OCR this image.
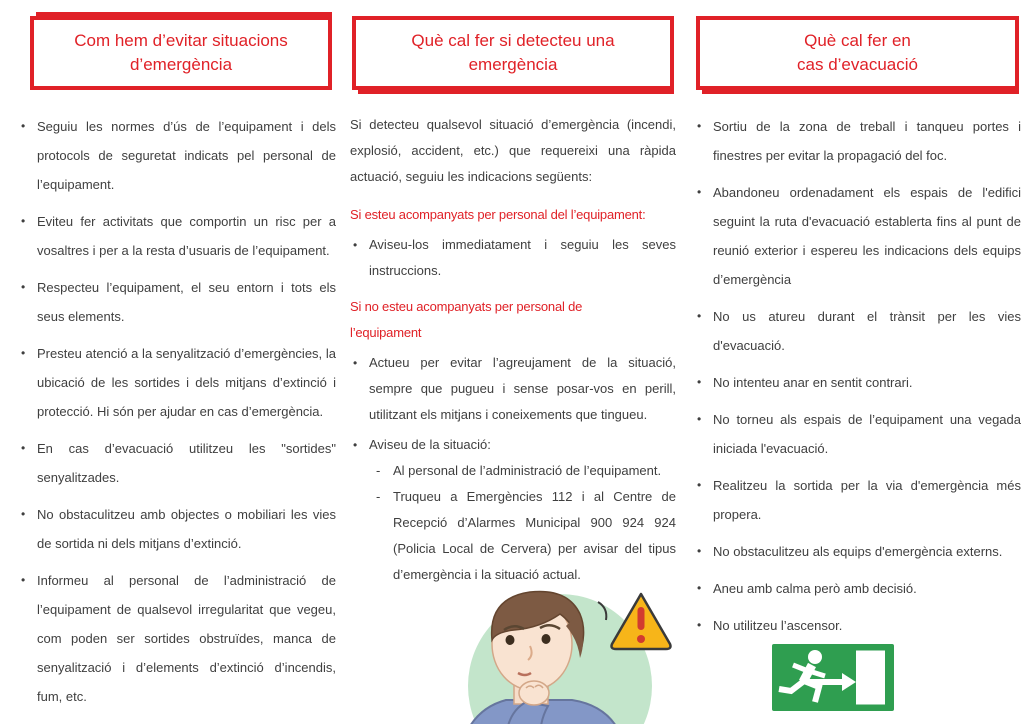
Com hem d’evitar situacions
d’emergència
• Seguiu les normes d’ús de l’equipament i dels protocols de seguretat indicats pel personal de l’equipament.
• Eviteu fer activitats que comportin un risc per a vosaltres i per a la resta d’usuaris de l’equipament.
• Respecteu l’equipament, el seu entorn i tots els seus elements.
• Presteu atenció a la senyalització d’emergències, la ubicació de les sortides i dels mitjans d’extinció i protecció. Hi són per ajudar en cas d’emergència.
• En cas d’evacuació utilitzeu les "sortides" senyalitzades.
• No obstaculitzeu amb objectes o mobiliari les vies de sortida ni dels mitjans d’extinció.
• Informeu al personal de l’administració de l’equipament de qualsevol irregularitat que vegeu, com poden ser sortides obstruïdes, manca de senyalització i d’elements d’extinció d’incendis, fum, etc.
Què cal fer si detecteu una
emergència

Si detecteu qualsevol situació d’emergència (incendi, explosió, accident, etc.) que requereixi una ràpida actuació, seguiu les indicacions següents:

Si esteu acompanyats per personal del l’equipament:
• Aviseu-los immediatament i seguiu les seves instruccions.
Si no esteu acompanyats per personal de l’equipament
• Actueu per evitar l’agreujament de la situació, sempre que pugueu i sense posar-vos en perill, utilitzant els mitjans i coneixements que tingueu.
• Aviseu de la situació:
- Al personal de l’administració de l’equipament.
- Truqueu a Emergències 112 i al Centre de Recepció d’Alarmes Municipal 900 924 924 (Policia Local de Cervera) per avisar del tipus d’emergència i la situació actual.
Què cal fer en
cas d’evacuació
• Sortiu de la zona de treball i tanqueu portes i finestres per evitar la propagació del foc.
• Abandoneu ordenadament els espais de l'edifici seguint la ruta d'evacuació establerta fins al punt de reunió exterior i espereu les indicacions dels equips d’emergència
• No us atureu durant el trànsit per les vies d'evacuació.
• No intenteu anar en sentit contrari.
• No torneu als espais de l’equipament una vegada iniciada l'evacuació.
• Realitzeu la sortida per la via d'emergència més propera.
• No obstaculitzeu als equips d'emergència externs.
• Aneu amb calma però amb decisió.
• No utilitzeu l’ascensor.
